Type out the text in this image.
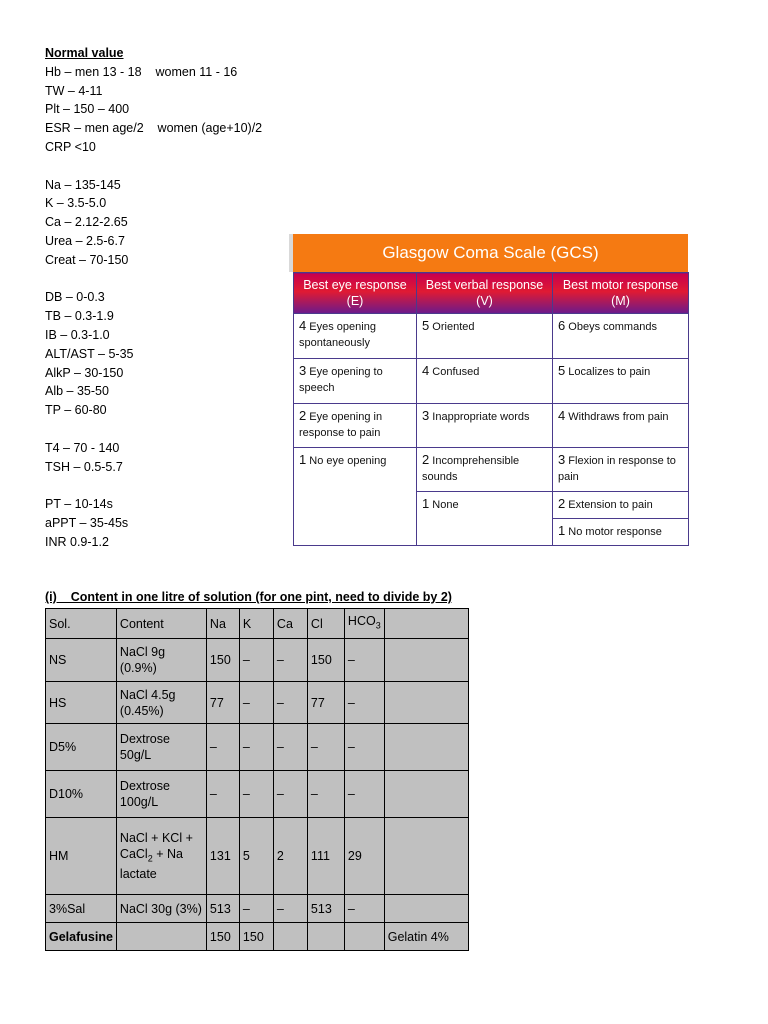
Normal value
Hb – men 13 - 18    women 11 - 16
TW – 4-11
Plt – 150 – 400
ESR – men age/2    women (age+10)/2
CRP <10
Na – 135-145
K – 3.5-5.0
Ca – 2.12-2.65
Urea – 2.5-6.7
Creat – 70-150
DB – 0-0.3
TB – 0.3-1.9
IB – 0.3-1.0
ALT/AST – 5-35
AlkP – 30-150
Alb – 35-50
TP – 60-80
T4 – 70 - 140
TSH – 0.5-5.7
PT – 10-14s
aPPT – 35-45s
INR 0.9-1.2
Glasgow Coma Scale (GCS)
Best eye response (E)	Best verbal response (V)	Best motor response (M)
4 Eyes opening spontaneously	5 Oriented	6 Obeys commands
3 Eye opening to speech	4 Confused	5 Localizes to pain
2 Eye opening in response to pain	3 Inappropriate words	4 Withdraws from pain
1 No eye opening	2 Incomprehensible sounds	3 Flexion in response to pain
	1 None	2 Extension to pain
		1 No motor response
(i)    Content in one litre of solution (for one pint, need to divide by 2)
Sol.	Content	Na	K	Ca	Cl	$HCO_3$	
NS	NaCl 9g (0.9%)	150	–	–	150	–	
HS	NaCl 4.5g (0.45%)	77	–	–	77	–	
D5%	Dextrose 50g/L	–	–	–	–	–	
D10%	Dextrose 100g/L	–	–	–	–	–	
HM	NaCl + KCl + CaCl$_2$ + Na lactate	131	5	2	111	29	
3%Sal	NaCl 30g (3%)	513	–	–	513	–	
Gelafusine		150	150				Gelatin 4%
